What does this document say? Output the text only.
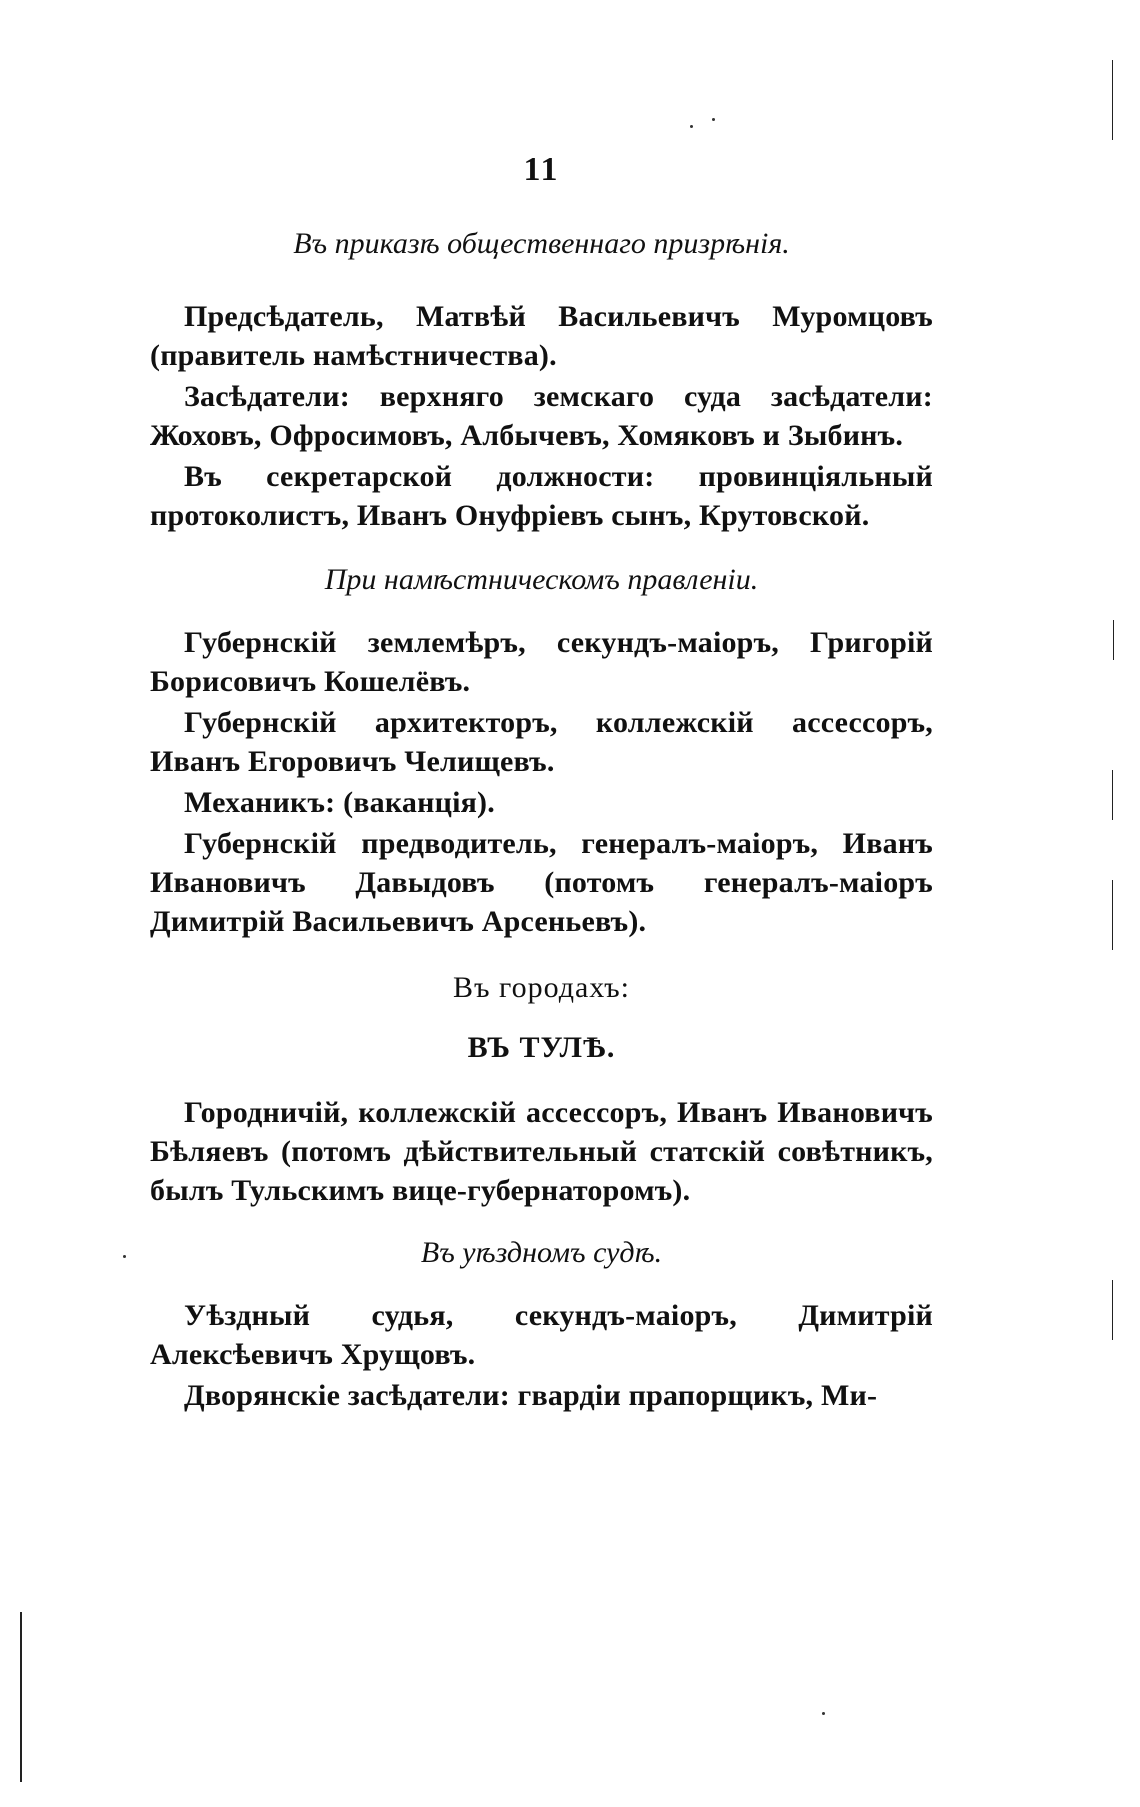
11
Въ приказѣ общественнаго призрѣнія.

Предсѣдатель, Матвѣй Васильевичъ Муромцовъ (правитель намѣстничества).

Засѣдатели: верхняго земскаго суда засѣдатели: Жоховъ, Офросимовъ, Албычевъ, Хомяковъ и Зыбинъ.

Въ секретарской должности: провинціяльный протоколистъ, Иванъ Онуфріевъ сынъ, Крутовской.

При намѣстническомъ правленіи.

Губернскій землемѣръ, секундъ-маіоръ, Григорій Борисовичъ Кошелёвъ.

Губернскій архитекторъ, коллежскій ассессоръ, Иванъ Егоровичъ Челищевъ.

Механикъ: (ваканція).

Губернскій предводитель, генералъ-маіоръ, Иванъ Ивановичъ Давыдовъ (потомъ генералъ-маіоръ Димитрій Васильевичъ Арсеньевъ).

Въ городахъ:
ВЪ ТУЛѢ.

Городничій, коллежскій ассессоръ, Иванъ Ивановичъ Бѣляевъ (потомъ дѣйствительный статскій совѣтникъ, былъ Тульскимъ вице-губернаторомъ).

Въ уѣздномъ судѣ.

Уѣздный судья, секундъ-маіоръ, Димитрій Алексѣевичъ Хрущовъ.

Дворянскіе засѣдатели: гвардіи прапорщикъ, Ми-
